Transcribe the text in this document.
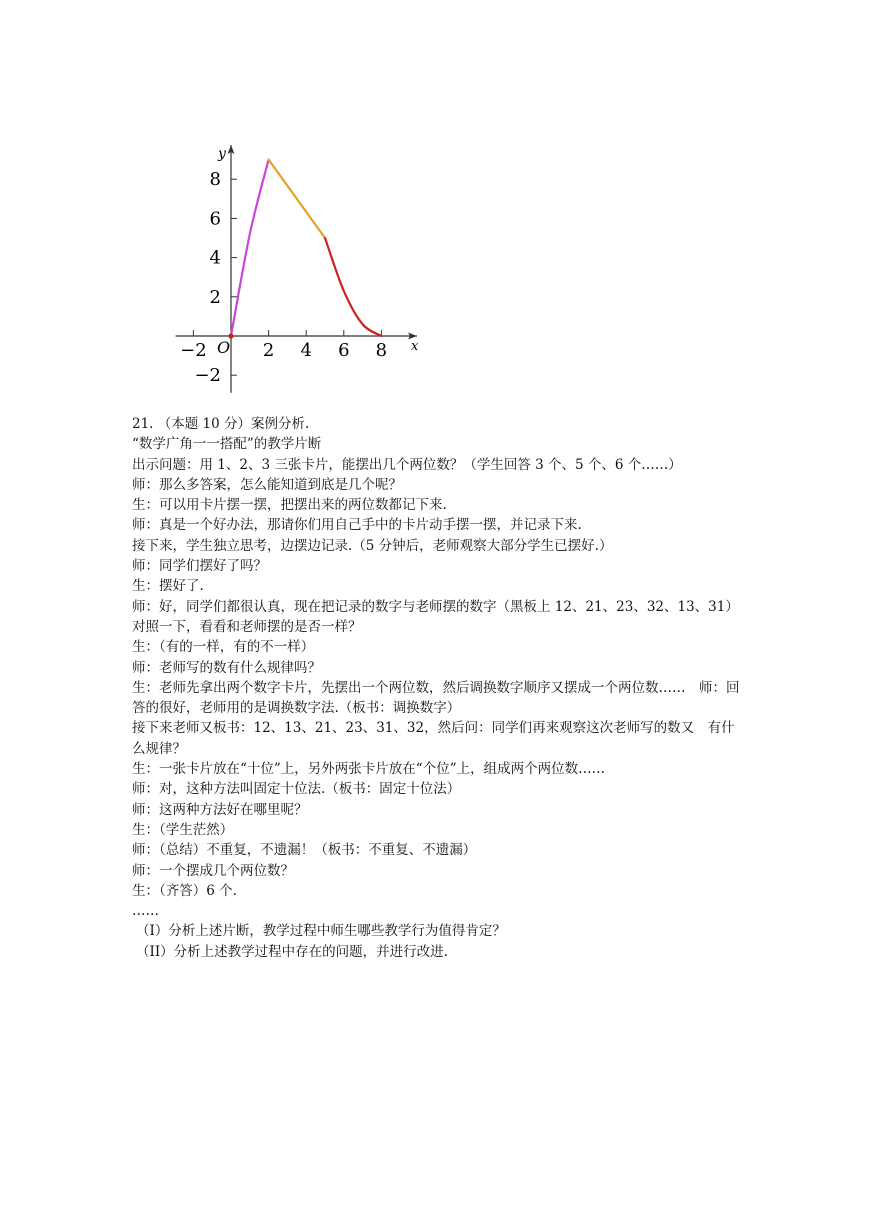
−2	2 4 6 8
−2
2
4
6
8
x
y
O
21. （本题 10 分）案例分析.
“数学广角一一搭配”的教学片断
出示问题：用 1、2、3 三张卡片，能摆出几个两位数？（学生回答 3 个、5 个、6 个……）
师：那么多答案，怎么能知道到底是几个呢？
生：可以用卡片摆一摆，把摆出来的两位数都记下来.
师：真是一个好办法，那请你们用自己手中的卡片动手摆一摆，并记录下来.
接下来，学生独立思考，边摆边记录.（5 分钟后，老师观察大部分学生已摆好.）
师：同学们摆好了吗？
生：摆好了.
师：好，同学们都很认真，现在把记录的数字与老师摆的数字（黑板上 12、21、23、32、13、31）对照一下，看看和老师摆的是否一样？
生：（有的一样，有的不一样）
师：老师写的数有什么规律吗？
生：老师先拿出两个数字卡片，先摆出一个两位数，然后调换数字顺序又摆成一个两位数……　师：回答的很好，老师用的是调换数字法.（板书：调换数字）
接下来老师又板书：12、13、21、23、31、32，然后问：同学们再来观察这次老师写的数又　有什么规律？
生：一张卡片放在“十位”上，另外两张卡片放在“个位”上，组成两个两位数……
师：对，这种方法叫固定十位法.（板书：固定十位法）
师：这两种方法好在哪里呢？
生：（学生茫然）
师：（总结）不重复，不遗漏！（板书：不重复、不遗漏）
师：一个摆成几个两位数？
生：（齐答）6 个.
……
（I）分析上述片断，教学过程中师生哪些教学行为值得肯定？
（II）分析上述教学过程中存在的问题，并进行改进.
